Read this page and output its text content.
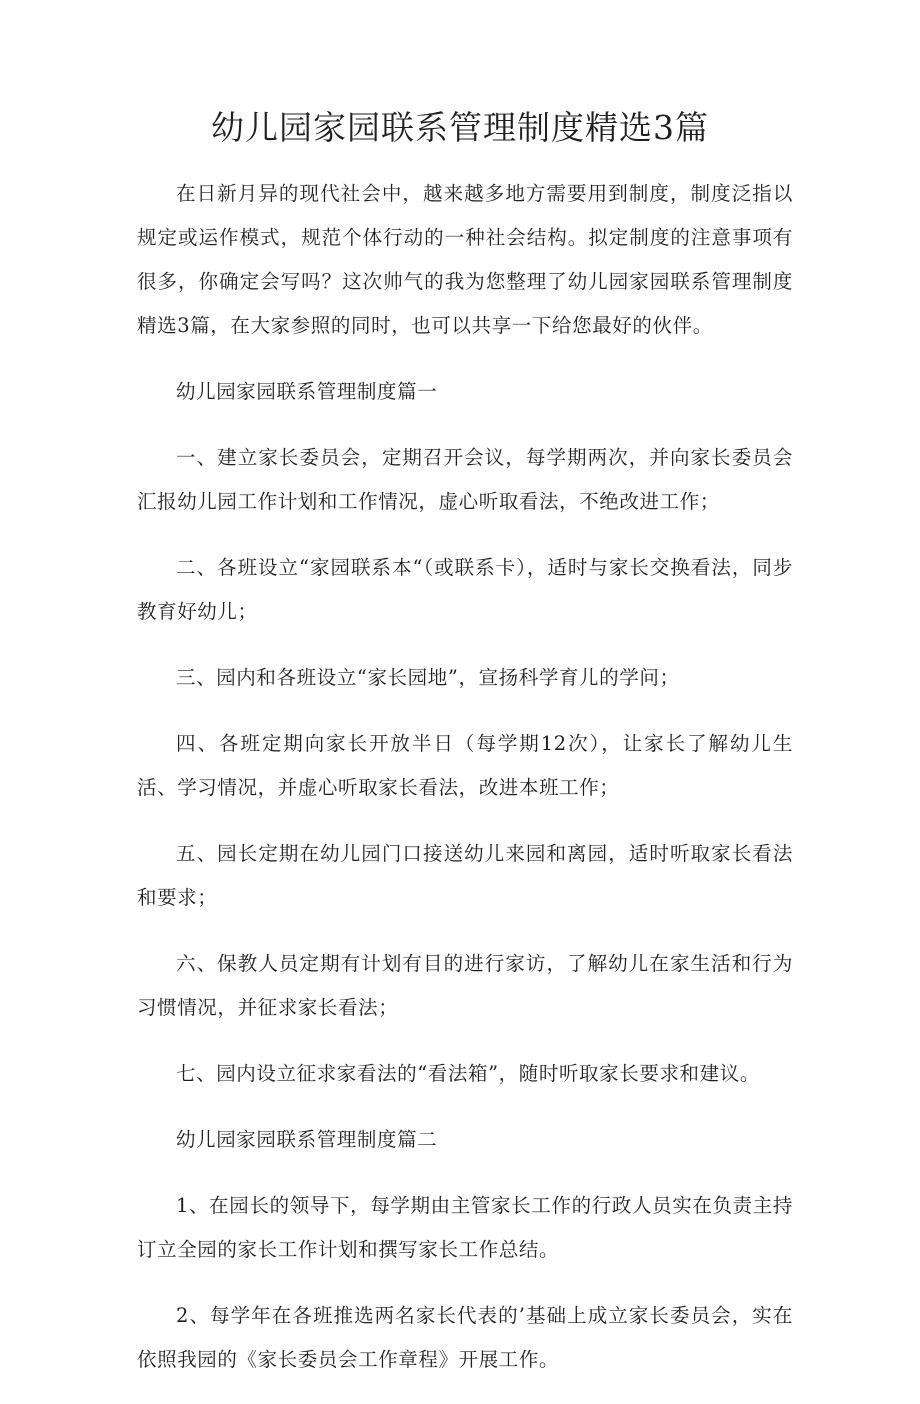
幼儿园家园联系管理制度精选3篇

在日新月异的现代社会中，越来越多地方需要用到制度，制度泛指以规定或运作模式，规范个体行动的一种社会结构。拟定制度的注意事项有很多，你确定会写吗？这次帅气的我为您整理了幼儿园家园联系管理制度精选3篇，在大家参照的同时，也可以共享一下给您最好的伙伴。

幼儿园家园联系管理制度篇一

一、建立家长委员会，定期召开会议，每学期两次，并向家长委员会汇报幼儿园工作计划和工作情况，虚心听取看法，不绝改进工作；

二、各班设立“家园联系本“（或联系卡），适时与家长交换看法，同步教育好幼儿；

三、园内和各班设立“家长园地”，宣扬科学育儿的学问；

四、各班定期向家长开放半日（每学期12次），让家长了解幼儿生活、学习情况，并虚心听取家长看法，改进本班工作；

五、园长定期在幼儿园门口接送幼儿来园和离园，适时听取家长看法和要求；

六、保教人员定期有计划有目的进行家访，了解幼儿在家生活和行为习惯情况，并征求家长看法；

七、园内设立征求家看法的“看法箱”，随时听取家长要求和建议。

幼儿园家园联系管理制度篇二

1、在园长的领导下，每学期由主管家长工作的行政人员实在负责主持订立全园的家长工作计划和撰写家长工作总结。

2、每学年在各班推选两名家长代表的’基础上成立家长委员会，实在依照我园的《家长委员会工作章程》开展工作。
